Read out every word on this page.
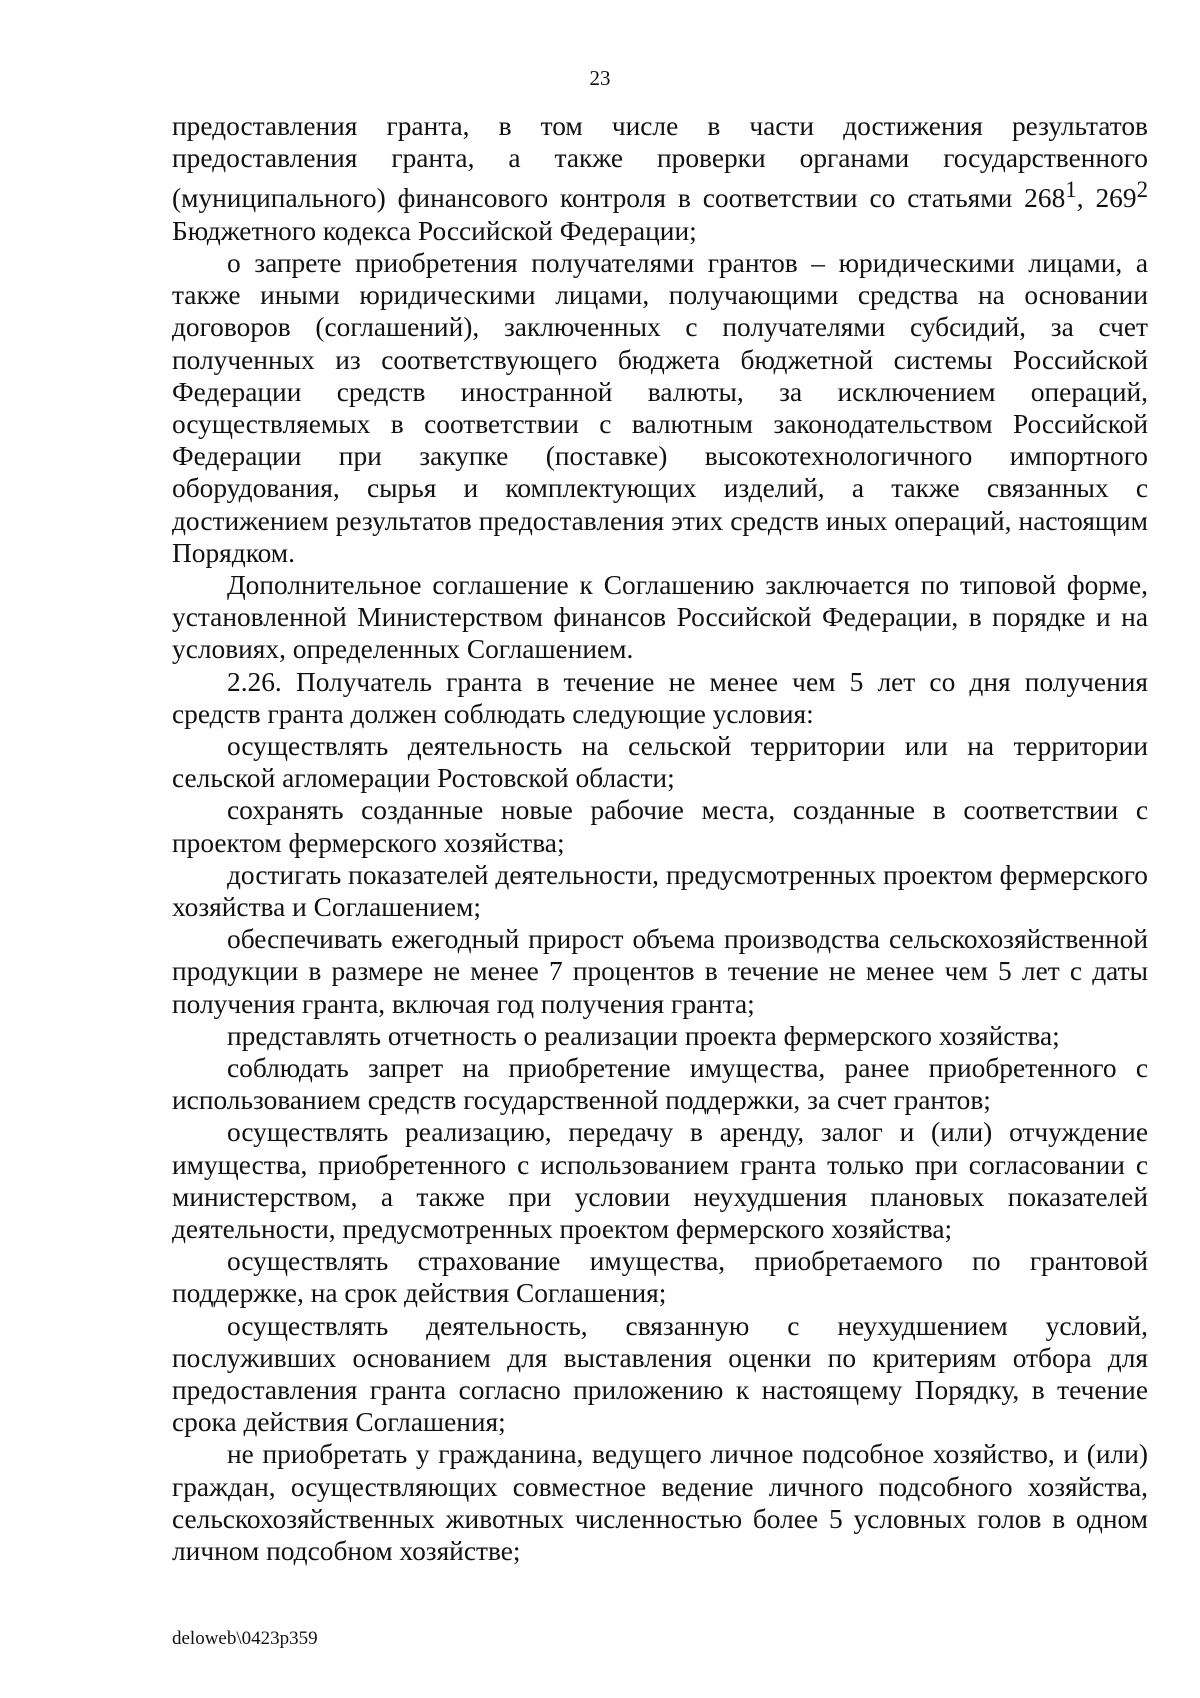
23

предоставления гранта, в том числе в части достижения результатов предоставления гранта, а также проверки органами государственного (муниципального) финансового контроля в соответствии со статьями $268^1$, $269^2$ Бюджетного кодекса Российской Федерации;

о запрете приобретения получателями грантов – юридическими лицами, а также иными юридическими лицами, получающими средства на основании договоров (соглашений), заключенных с получателями субсидий, за счет полученных из соответствующего бюджета бюджетной системы Российской Федерации средств иностранной валюты, за исключением операций, осуществляемых в соответствии с валютным законодательством Российской Федерации при закупке (поставке) высокотехнологичного импортного оборудования, сырья и комплектующих изделий, а также связанных с достижением результатов предоставления этих средств иных операций, настоящим Порядком.

Дополнительное соглашение к Соглашению заключается по типовой форме, установленной Министерством финансов Российской Федерации, в порядке и на условиях, определенных Соглашением.

2.26. Получатель гранта в течение не менее чем 5 лет со дня получения средств гранта должен соблюдать следующие условия:

осуществлять деятельность на сельской территории или на территории сельской агломерации Ростовской области;

сохранять созданные новые рабочие места, созданные в соответствии с проектом фермерского хозяйства;

достигать показателей деятельности, предусмотренных проектом фермерского хозяйства и Соглашением;

обеспечивать ежегодный прирост объема производства сельскохозяйственной продукции в размере не менее 7 процентов в течение не менее чем 5 лет с даты получения гранта, включая год получения гранта;

представлять отчетность о реализации проекта фермерского хозяйства;

соблюдать запрет на приобретение имущества, ранее приобретенного с использованием средств государственной поддержки, за счет грантов;

осуществлять реализацию, передачу в аренду, залог и (или) отчуждение имущества, приобретенного с использованием гранта только при согласовании с министерством, а также при условии неухудшения плановых показателей деятельности, предусмотренных проектом фермерского хозяйства;

осуществлять страхование имущества, приобретаемого по грантовой поддержке, на срок действия Соглашения;

осуществлять деятельность, связанную с неухудшением условий, послуживших основанием для выставления оценки по критериям отбора для предоставления гранта согласно приложению к настоящему Порядку, в течение срока действия Соглашения;

не приобретать у гражданина, ведущего личное подсобное хозяйство, и (или) граждан, осуществляющих совместное ведение личного подсобного хозяйства, сельскохозяйственных животных численностью более 5 условных голов в одном личном подсобном хозяйстве;

deloweb\0423p359
